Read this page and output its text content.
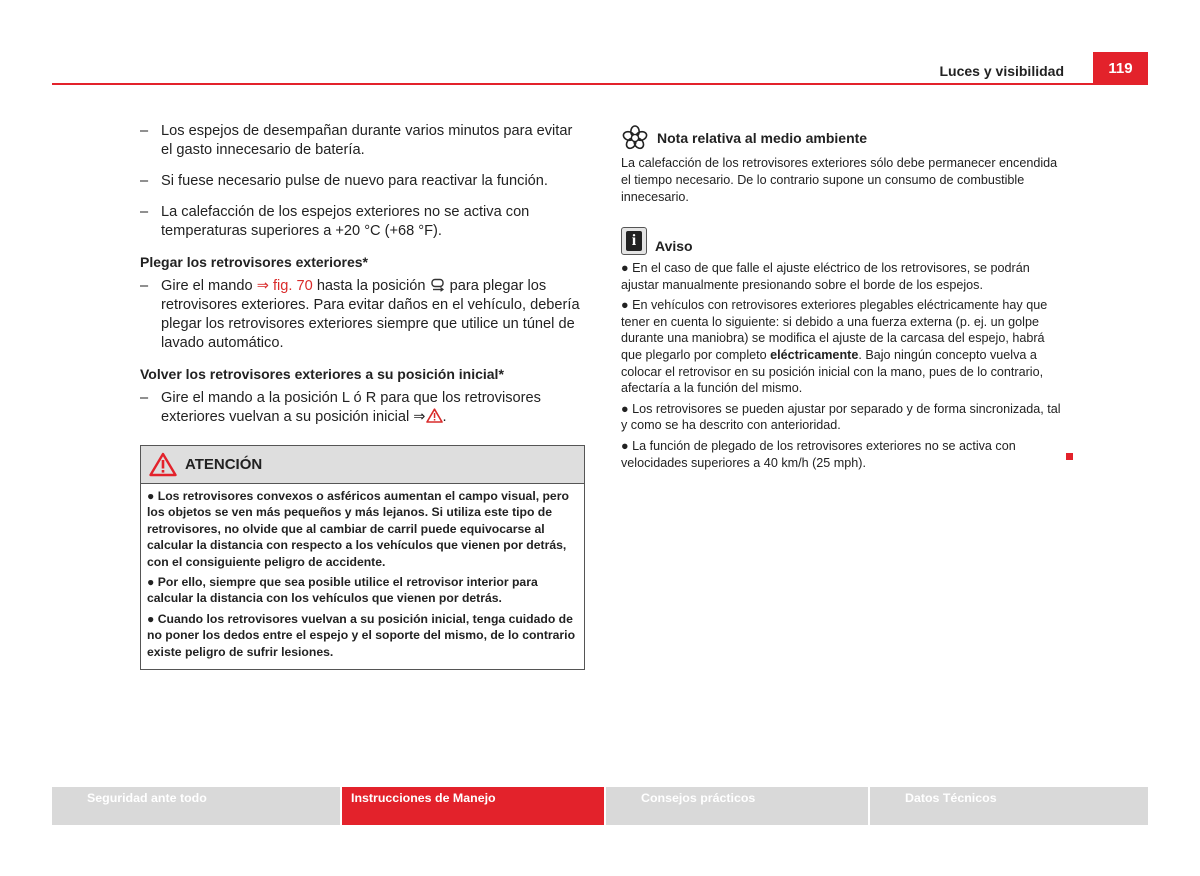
Luces y visibilidad	119
– Los espejos de desempañan durante varios minutos para evitar el gasto innecesario de batería.
– Si fuese necesario pulse de nuevo para reactivar la función.
– La calefacción de los espejos exteriores no se activa con temperaturas superiores a +20 °C (+68 °F).
Plegar los retrovisores exteriores*
– Gire el mando ⇒ fig. 70 hasta la posición  para plegar los retrovisores exteriores. Para evitar daños en el vehículo, debería plegar los retrovisores exteriores siempre que utilice un túnel de lavado automático.
Volver los retrovisores exteriores a su posición inicial*
– Gire el mando a la posición L ó R para que los retrovisores exteriores vuelvan a su posición inicial ⇒ .
ATENCIÓN
● Los retrovisores convexos o asféricos aumentan el campo visual, pero los objetos se ven más pequeños y más lejanos. Si utiliza este tipo de retrovisores, no olvide que al cambiar de carril puede equivocarse al calcular la distancia con respecto a los vehículos que vienen por detrás, con el consiguiente peligro de accidente.
● Por ello, siempre que sea posible utilice el retrovisor interior para calcular la distancia con los vehículos que vienen por detrás.
● Cuando los retrovisores vuelvan a su posición inicial, tenga cuidado de no poner los dedos entre el espejo y el soporte del mismo, de lo contrario existe peligro de sufrir lesiones.
Nota relativa al medio ambiente
La calefacción de los retrovisores exteriores sólo debe permanecer encendida el tiempo necesario. De lo contrario supone un consumo de combustible innecesario.
i	Aviso
● En el caso de que falle el ajuste eléctrico de los retrovisores, se podrán ajustar manualmente presionando sobre el borde de los espejos.
● En vehículos con retrovisores exteriores plegables eléctricamente hay que tener en cuenta lo siguiente: si debido a una fuerza externa (p. ej. un golpe durante una maniobra) se modifica el ajuste de la carcasa del espejo, habrá que plegarlo por completo eléctricamente. Bajo ningún concepto vuelva a colocar el retrovisor en su posición inicial con la mano, pues de lo contrario, afectaría a la función del mismo.
● Los retrovisores se pueden ajustar por separado y de forma sincronizada, tal y como se ha descrito con anterioridad.
● La función de plegado de los retrovisores exteriores no se activa con velocidades superiores a 40 km/h (25 mph).
Seguridad ante todo	Instrucciones de Manejo	Consejos prácticos	Datos Técnicos
